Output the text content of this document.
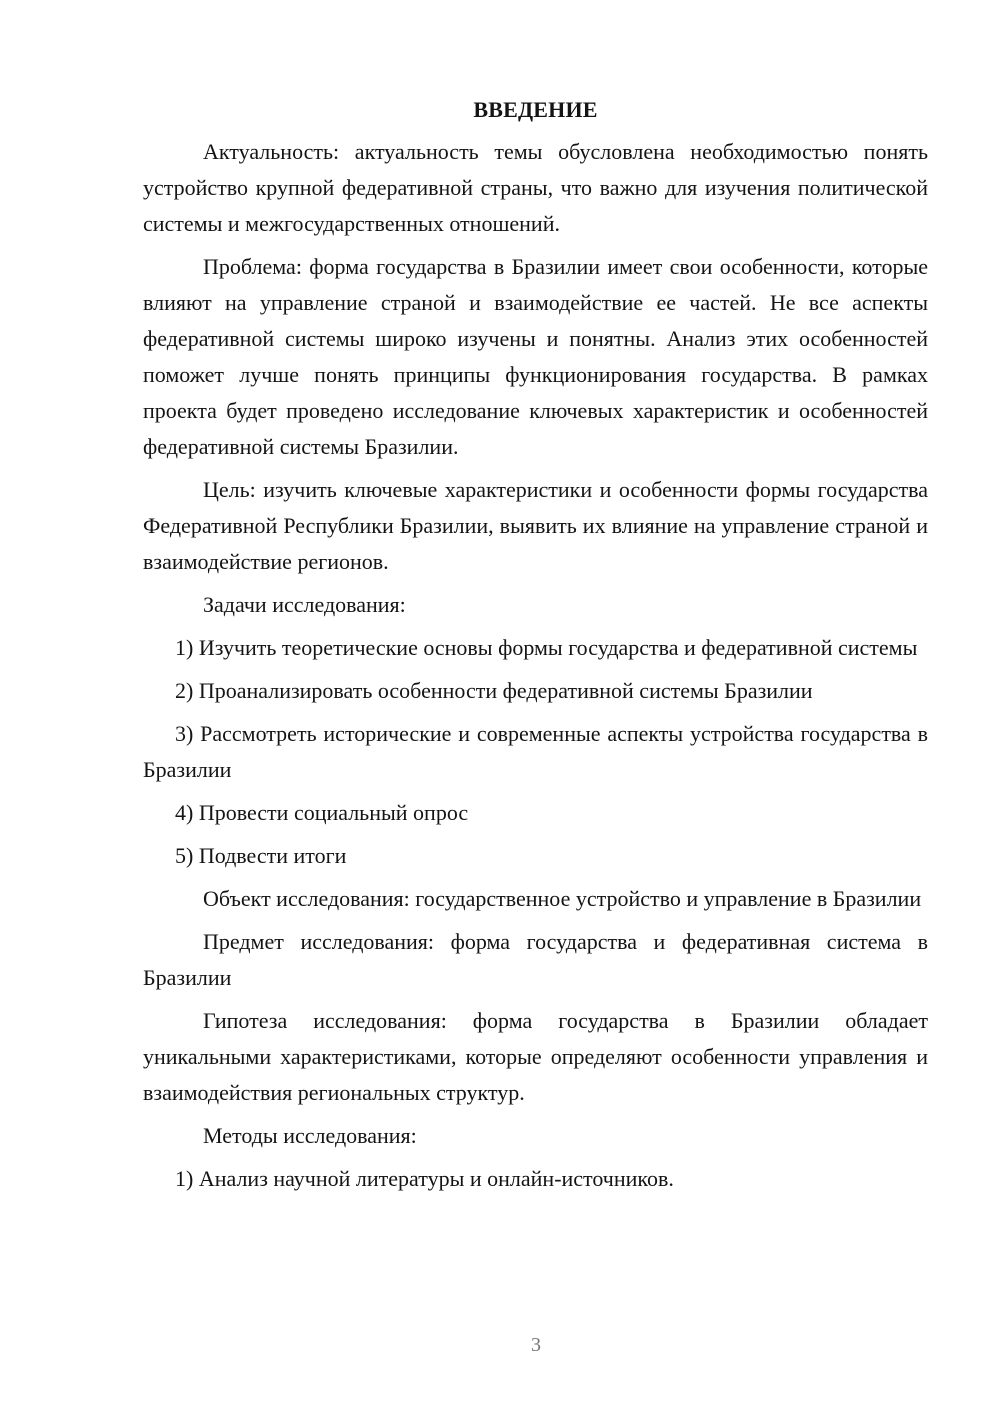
ВВЕДЕНИЕ

Актуальность: актуальность темы обусловлена необходимостью понять устройство крупной федеративной страны, что важно для изучения политической системы и межгосударственных отношений.

Проблема: форма государства в Бразилии имеет свои особенности, которые влияют на управление страной и взаимодействие ее частей. Не все аспекты федеративной системы широко изучены и понятны. Анализ этих особенностей поможет лучше понять принципы функционирования государства. В рамках проекта будет проведено исследование ключевых характеристик и особенностей федеративной системы Бразилии.

Цель: изучить ключевые характеристики и особенности формы государства Федеративной Республики Бразилии, выявить их влияние на управление страной и взаимодействие регионов.

Задачи исследования:

1) Изучить теоретические основы формы государства и федеративной системы

2) Проанализировать особенности федеративной системы Бразилии

3) Рассмотреть исторические и современные аспекты устройства государства в Бразилии

4) Провести социальный опрос

5) Подвести итоги

Объект исследования: государственное устройство и управление в Бразилии

Предмет исследования: форма государства и федеративная система в Бразилии

Гипотеза исследования: форма государства в Бразилии обладает уникальными характеристиками, которые определяют особенности управления и взаимодействия региональных структур.

Методы исследования:

1) Анализ научной литературы и онлайн-источников.

3
